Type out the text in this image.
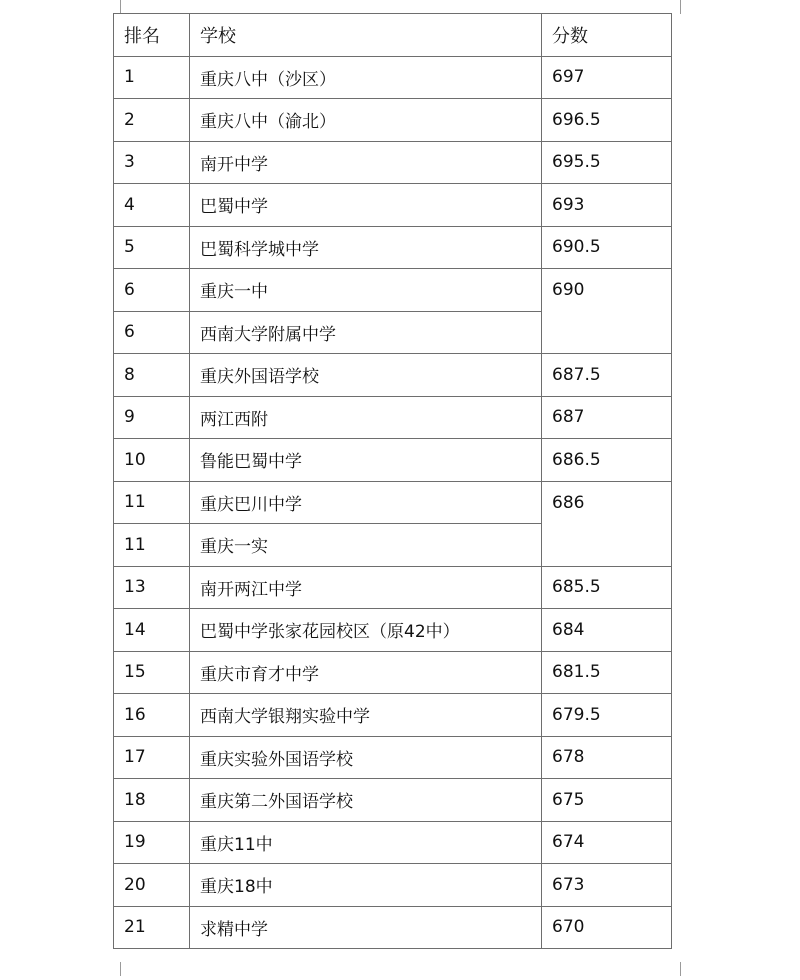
排名	学校	分数
1	重庆八中（沙区）	697
2	重庆八中（渝北）	696.5
3	南开中学	695.5
4	巴蜀中学	693
5	巴蜀科学城中学	690.5
6	重庆一中	690
6	西南大学附属中学	
8	重庆外国语学校	687.5
9	两江西附	687
10	鲁能巴蜀中学	686.5
11	重庆巴川中学	686
11	重庆一实	
13	南开两江中学	685.5
14	巴蜀中学张家花园校区（原42中）	684
15	重庆市育才中学	681.5
16	西南大学银翔实验中学	679.5
17	重庆实验外国语学校	678
18	重庆第二外国语学校	675
19	重庆11中	674
20	重庆18中	673
21	求精中学	670
